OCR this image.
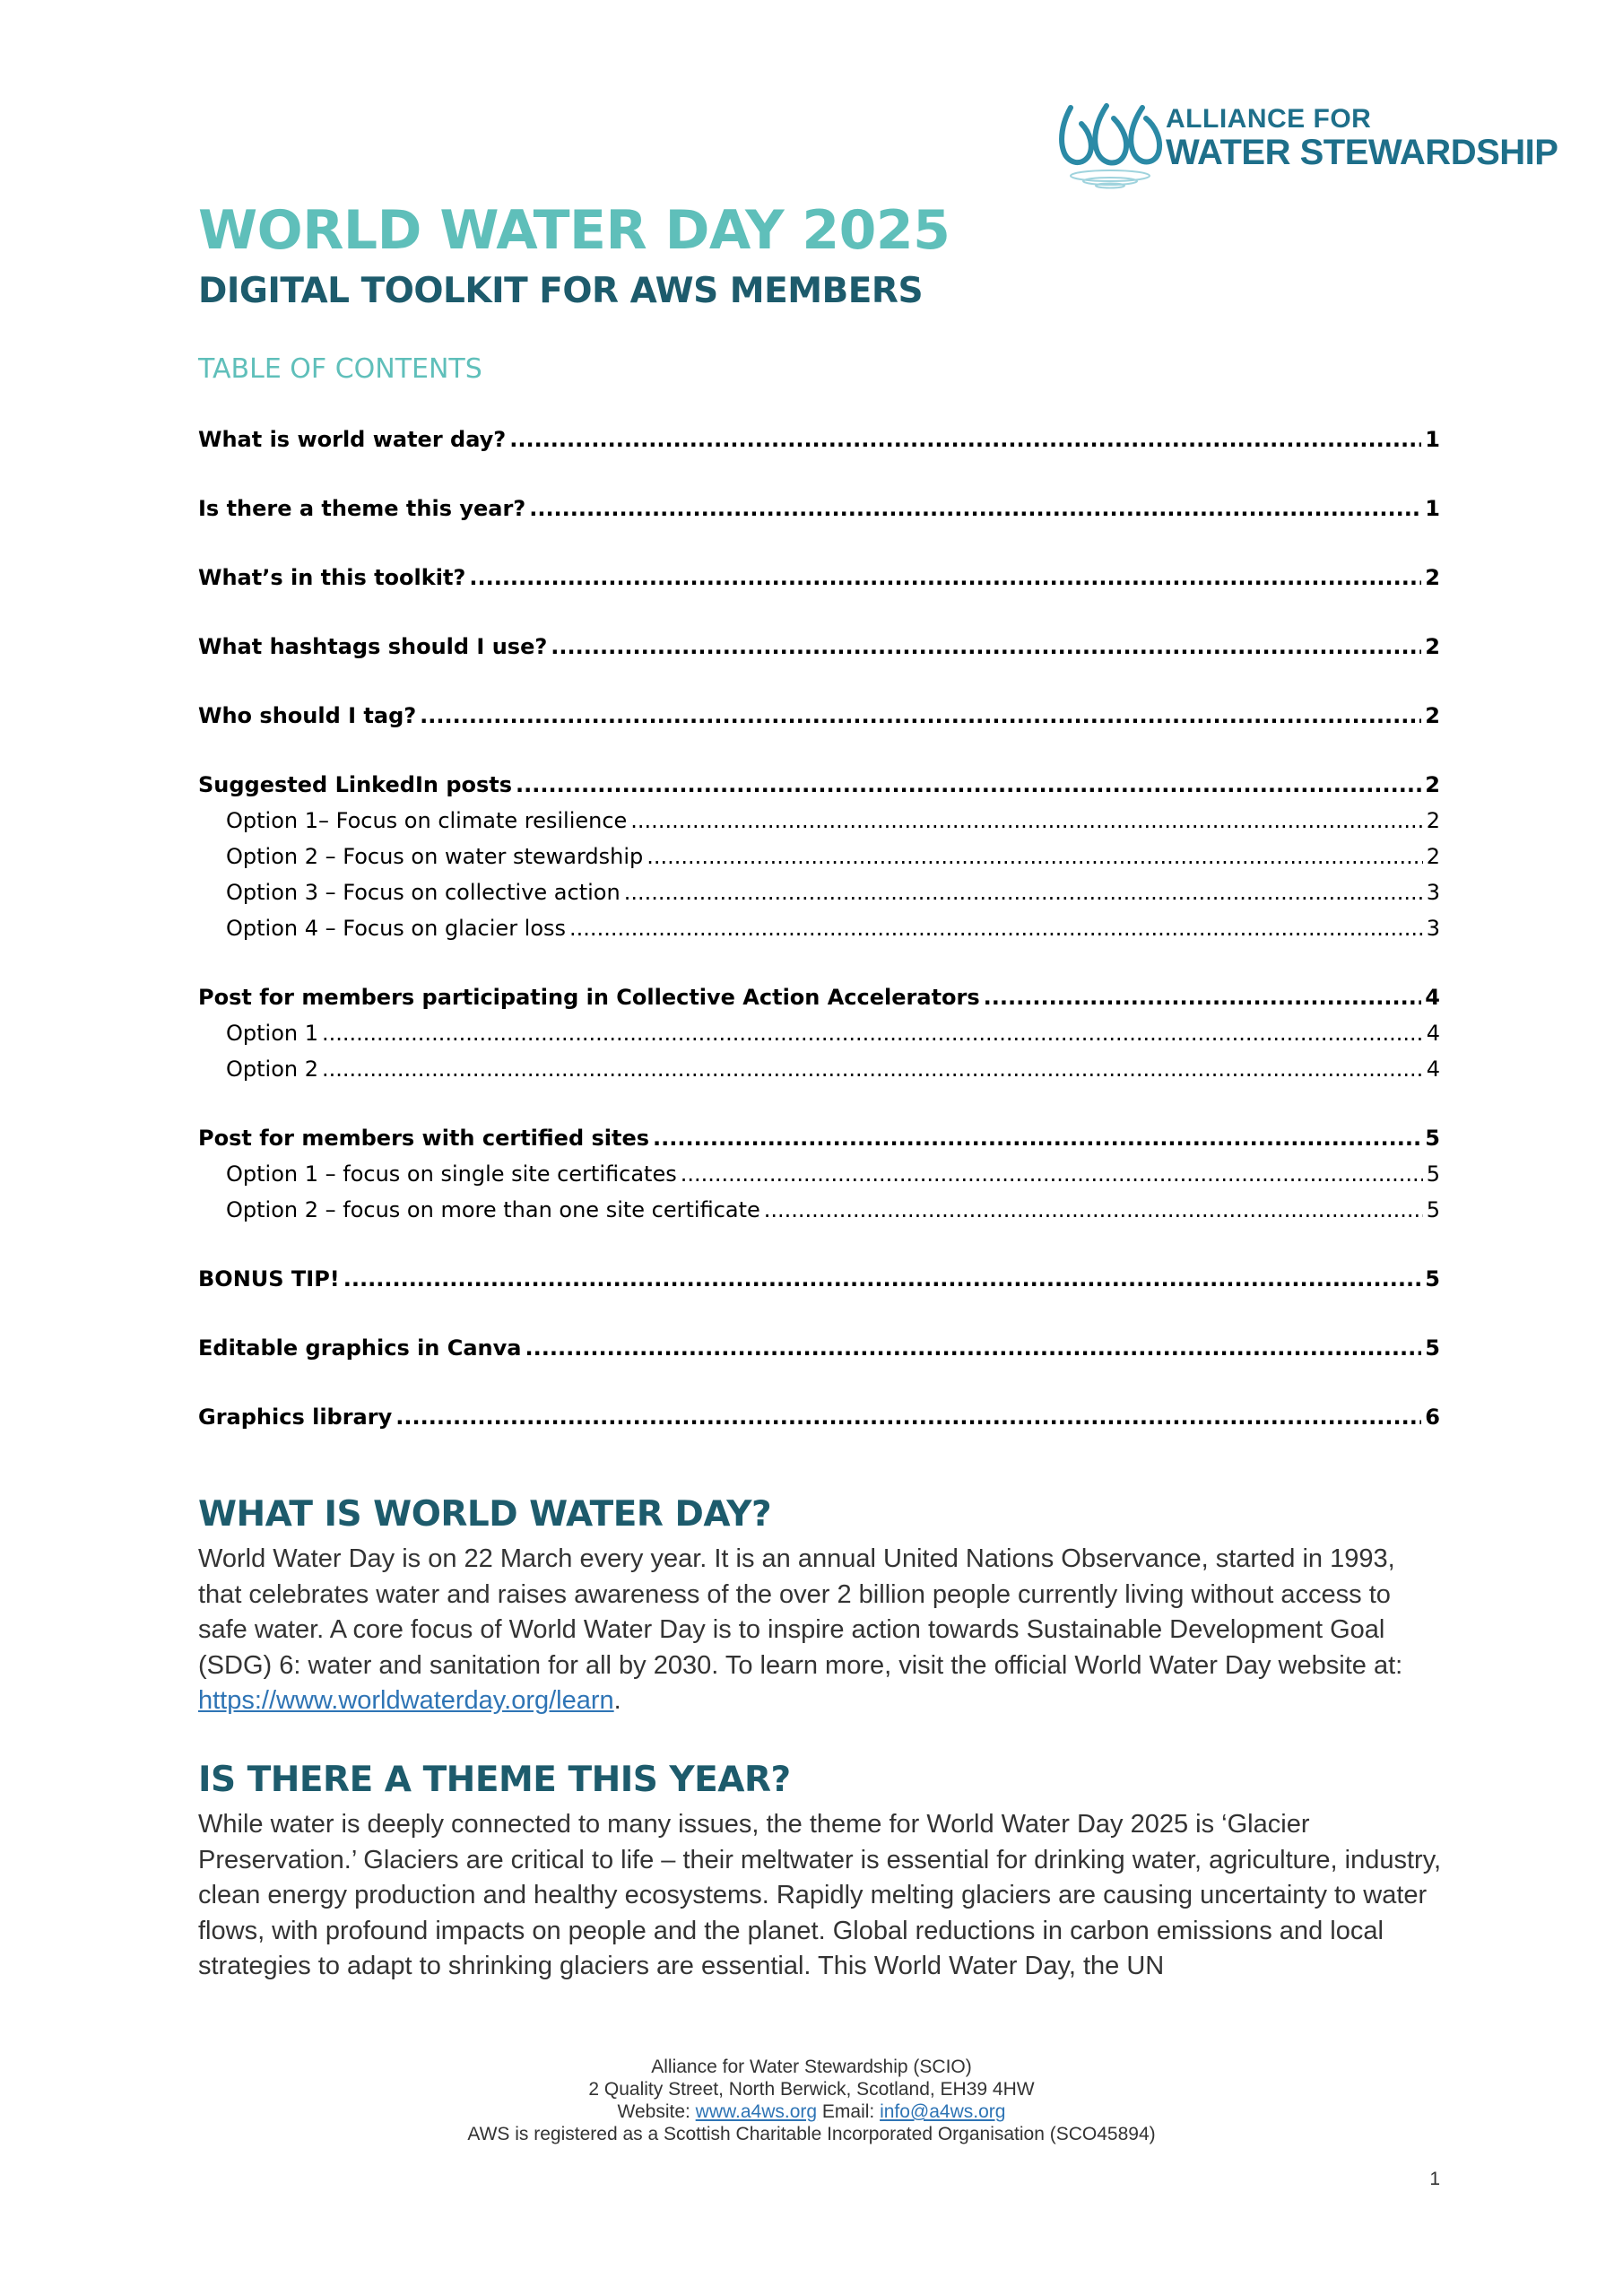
ALLIANCE FOR
WATER STEWARDSHIP
WORLD WATER DAY 2025
DIGITAL TOOLKIT FOR AWS MEMBERS
TABLE OF CONTENTS
What is world water day? .....	1
Is there a theme this year? .....	1
What’s in this toolkit? .....	2
What hashtags should I use? .....	2
Who should I tag? .....	2
Suggested LinkedIn posts .....	2
Option 1– Focus on climate resilience .....	2
Option 2 – Focus on water stewardship .....	2
Option 3 – Focus on collective action .....	3
Option 4 – Focus on glacier loss .....	3
Post for members participating in Collective Action Accelerators .....	4
Option 1 .....	4
Option 2 .....	4
Post for members with certified sites .....	5
Option 1 – focus on single site certificates .....	5
Option 2 – focus on more than one site certificate .....	5
BONUS TIP! .....	5
Editable graphics in Canva .....	5
Graphics library .....	6
WHAT IS WORLD WATER DAY?
World Water Day is on 22 March every year. It is an annual United Nations Observance, started in 1993, that celebrates water and raises awareness of the over 2 billion people currently living without access to safe water. A core focus of World Water Day is to inspire action towards Sustainable Development Goal (SDG) 6: water and sanitation for all by 2030. To learn more, visit the official World Water Day website at: https://www.worldwaterday.org/learn.
IS THERE A THEME THIS YEAR?
While water is deeply connected to many issues, the theme for World Water Day 2025 is ‘Glacier Preservation.’ Glaciers are critical to life – their meltwater is essential for drinking water, agriculture, industry, clean energy production and healthy ecosystems. Rapidly melting glaciers are causing uncertainty to water flows, with profound impacts on people and the planet. Global reductions in carbon emissions and local strategies to adapt to shrinking glaciers are essential. This World Water Day, the UN
Alliance for Water Stewardship (SCIO)
2 Quality Street, North Berwick, Scotland, EH39 4HW
Website: www.a4ws.org Email: info@a4ws.org
AWS is registered as a Scottish Charitable Incorporated Organisation (SCO45894)
1
